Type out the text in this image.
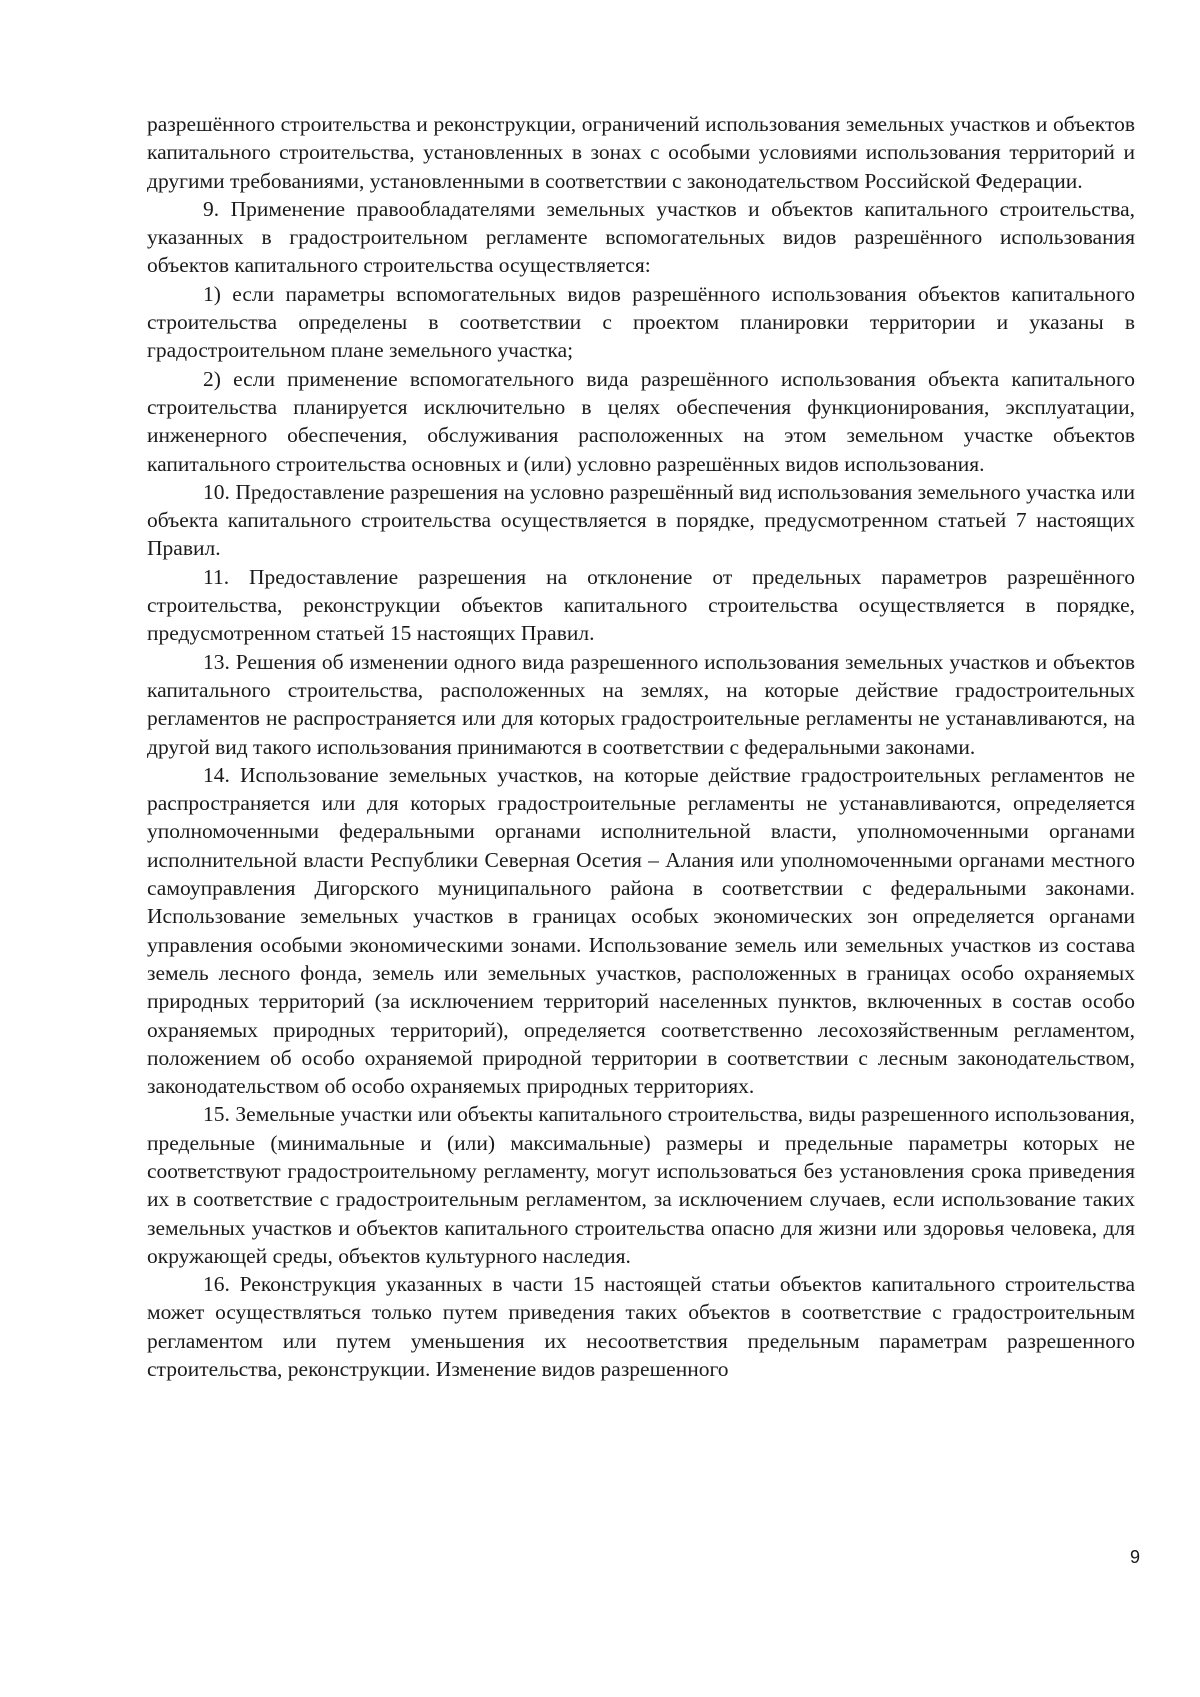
разрешённого строительства и реконструкции, ограничений использования земельных участков и объектов капитального строительства, установленных в зонах с особыми условиями использования территорий и другими требованиями, установленными в соответствии с законодательством Российской Федерации.

9. Применение правообладателями земельных участков и объектов капитального строительства, указанных в градостроительном регламенте вспомогательных видов разрешённого использования объектов капитального строительства осуществляется:

1) если параметры вспомогательных видов разрешённого использования объектов капитального строительства определены в соответствии с проектом планировки территории и указаны в градостроительном плане земельного участка;

2) если применение вспомогательного вида разрешённого использования объекта капитального строительства планируется исключительно в целях обеспечения функционирования, эксплуатации, инженерного обеспечения, обслуживания расположенных на этом земельном участке объектов капитального строительства основных и (или) условно разрешённых видов использования.

10. Предоставление разрешения на условно разрешённый вид использования земельного участка или объекта капитального строительства осуществляется в порядке, предусмотренном статьей 7 настоящих Правил.

11. Предоставление разрешения на отклонение от предельных параметров разрешённого строительства, реконструкции объектов капитального строительства осуществляется в порядке, предусмотренном статьей 15 настоящих Правил.

13. Решения об изменении одного вида разрешенного использования земельных участков и объектов капитального строительства, расположенных на землях, на которые действие градостроительных регламентов не распространяется или для которых градостроительные регламенты не устанавливаются, на другой вид такого использования принимаются в соответствии с федеральными законами.

14. Использование земельных участков, на которые действие градостроительных регламентов не распространяется или для которых градостроительные регламенты не устанавливаются, определяется уполномоченными федеральными органами исполнительной власти, уполномоченными органами исполнительной власти Республики Северная Осетия – Алания или уполномоченными органами местного самоуправления Дигорского муниципального района в соответствии с федеральными законами. Использование земельных участков в границах особых экономических зон определяется органами управления особыми экономическими зонами. Использование земель или земельных участков из состава земель лесного фонда, земель или земельных участков, расположенных в границах особо охраняемых природных территорий (за исключением территорий населенных пунктов, включенных в состав особо охраняемых природных территорий), определяется соответственно лесохозяйственным регламентом, положением об особо охраняемой природной территории в соответствии с лесным законодательством, законодательством об особо охраняемых природных территориях.

15. Земельные участки или объекты капитального строительства, виды разрешенного использования, предельные (минимальные и (или) максимальные) размеры и предельные параметры которых не соответствуют градостроительному регламенту, могут использоваться без установления срока приведения их в соответствие с градостроительным регламентом, за исключением случаев, если использование таких земельных участков и объектов капитального строительства опасно для жизни или здоровья человека, для окружающей среды, объектов культурного наследия.

16. Реконструкция указанных в части 15 настоящей статьи объектов капитального строительства может осуществляться только путем приведения таких объектов в соответствие с градостроительным регламентом или путем уменьшения их несоответствия предельным параметрам разрешенного строительства, реконструкции. Изменение видов разрешенного

9
